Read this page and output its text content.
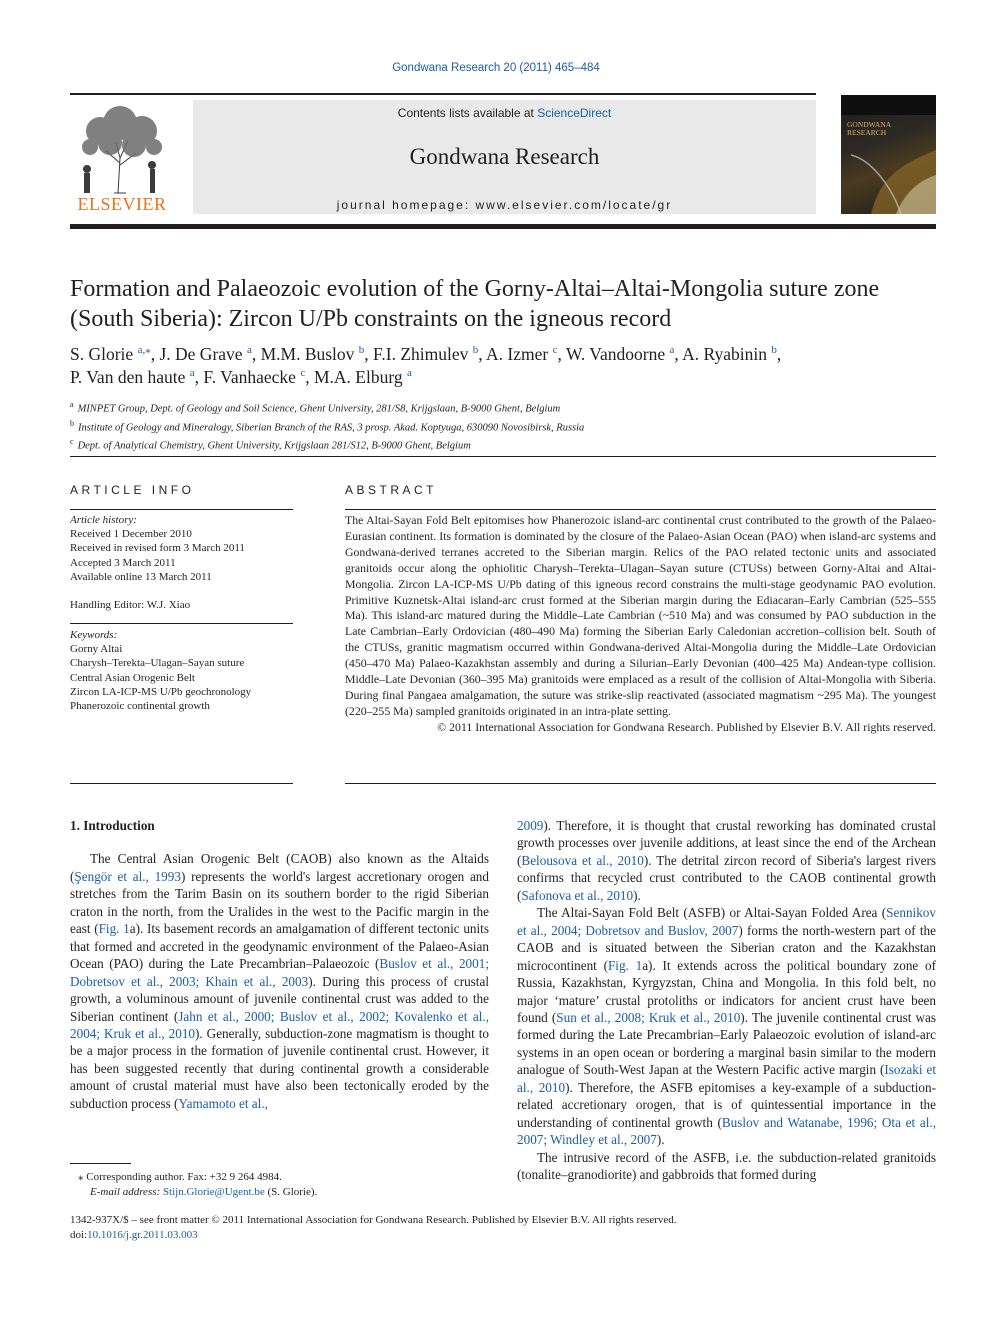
Gondwana Research 20 (2011) 465–484
ELSEVIER
Contents lists available at ScienceDirect
Gondwana Research
journal homepage: www.elsevier.com/locate/gr
GONDWANA
RESEARCH
Formation and Palaeozoic evolution of the Gorny-Altai–Altai-Mongolia suture zone (South Siberia): Zircon U/Pb constraints on the igneous record
S. Glorie $^{a,⁎}$, J. De Grave $^a$, M.M. Buslov $^b$, F.I. Zhimulev $^b$, A. Izmer $^c$, W. Vandoorne $^a$, A. Ryabinin $^b$,
P. Van den haute $^a$, F. Vanhaecke $^c$, M.A. Elburg $^a$
$^a$ MINPET Group, Dept. of Geology and Soil Science, Ghent University, 281/S8, Krijgslaan, B-9000 Ghent, Belgium
$^b$ Institute of Geology and Mineralogy, Siberian Branch of the RAS, 3 prosp. Akad. Koptyuga, 630090 Novosibirsk, Russia
$^c$ Dept. of Analytical Chemistry, Ghent University, Krijgslaan 281/S12, B-9000 Ghent, Belgium
ARTICLE INFO	ABSTRACT
Article history:
Received 1 December 2010
Received in revised form 3 March 2011
Accepted 3 March 2011
Available online 13 March 2011
Handling Editor: W.J. Xiao
Keywords:
Gorny Altai
Charysh–Terekta–Ulagan–Sayan suture
Central Asian Orogenic Belt
Zircon LA-ICP-MS U/Pb geochronology
Phanerozoic continental growth

The Altai-Sayan Fold Belt epitomises how Phanerozoic island-arc continental crust contributed to the growth of the Palaeo-Eurasian continent. Its formation is dominated by the closure of the Palaeo-Asian Ocean (PAO) when island-arc systems and Gondwana-derived terranes accreted to the Siberian margin. Relics of the PAO related tectonic units and associated granitoids occur along the ophiolitic Charysh–Terekta–Ulagan–Sayan suture (CTUSs) between Gorny-Altai and Altai-Mongolia. Zircon LA-ICP-MS U/Pb dating of this igneous record constrains the multi-stage geodynamic PAO evolution. Primitive Kuznetsk-Altai island-arc crust formed at the Siberian margin during the Ediacaran–Early Cambrian (525–555 Ma). This island-arc matured during the Middle–Late Cambrian (~510 Ma) and was consumed by PAO subduction in the Late Cambrian–Early Ordovician (480–490 Ma) forming the Siberian Early Caledonian accretion–collision belt. South of the CTUSs, granitic magmatism occurred within Gondwana-derived Altai-Mongolia during the Middle–Late Ordovician (450–470 Ma) Palaeo-Kazakhstan assembly and during a Silurian–Early Devonian (400–425 Ma) Andean-type collision. Middle–Late Devonian (360–395 Ma) granitoids were emplaced as a result of the collision of Altai-Mongolia with Siberia. During final Pangaea amalgamation, the suture was strike-slip reactivated (associated magmatism ~295 Ma). The youngest (220–255 Ma) sampled granitoids originated in an intra-plate setting.

© 2011 International Association for Gondwana Research. Published by Elsevier B.V. All rights reserved.

1. Introduction

The Central Asian Orogenic Belt (CAOB) also known as the Altaids (Şengör et al., 1993) represents the world's largest accretionary orogen and stretches from the Tarim Basin on its southern border to the rigid Siberian craton in the north, from the Uralides in the west to the Pacific margin in the east (Fig. 1a). Its basement records an amalgamation of different tectonic units that formed and accreted in the geodynamic environment of the Palaeo-Asian Ocean (PAO) during the Late Precambrian–Palaeozoic (Buslov et al., 2001; Dobretsov et al., 2003; Khain et al., 2003). During this process of crustal growth, a voluminous amount of juvenile continental crust was added to the Siberian continent (Jahn et al., 2000; Buslov et al., 2002; Kovalenko et al., 2004; Kruk et al., 2010). Generally, subduction-zone magmatism is thought to be a major process in the formation of juvenile continental crust. However, it has been suggested recently that during continental growth a considerable amount of crustal material must have also been tectonically eroded by the subduction process (Yamamoto et al.,

2009). Therefore, it is thought that crustal reworking has dominated crustal growth processes over juvenile additions, at least since the end of the Archean (Belousova et al., 2010). The detrital zircon record of Siberia's largest rivers confirms that recycled crust contributed to the CAOB continental growth (Safonova et al., 2010).

The Altai-Sayan Fold Belt (ASFB) or Altai-Sayan Folded Area (Sennikov et al., 2004; Dobretsov and Buslov, 2007) forms the north-western part of the CAOB and is situated between the Siberian craton and the Kazakhstan microcontinent (Fig. 1a). It extends across the political boundary zone of Russia, Kazakhstan, Kyrgyzstan, China and Mongolia. In this fold belt, no major ‘mature’ crustal protoliths or indicators for ancient crust have been found (Sun et al., 2008; Kruk et al., 2010). The juvenile continental crust was formed during the Late Precambrian–Early Palaeozoic evolution of island-arc systems in an open ocean or bordering a marginal basin similar to the modern analogue of South-West Japan at the Western Pacific active margin (Isozaki et al., 2010). Therefore, the ASFB epitomises a key-example of a subduction-related accretionary orogen, that is of quintessential importance in the understanding of continental growth (Buslov and Watanabe, 1996; Ota et al., 2007; Windley et al., 2007).

The intrusive record of the ASFB, i.e. the subduction-related granitoids (tonalite–granodiorite) and gabbroids that formed during

⁎ Corresponding author. Fax: +32 9 264 4984.
E-mail address: Stijn.Glorie@Ugent.be (S. Glorie).
1342-937X/$ – see front matter © 2011 International Association for Gondwana Research. Published by Elsevier B.V. All rights reserved.
doi:10.1016/j.gr.2011.03.003
